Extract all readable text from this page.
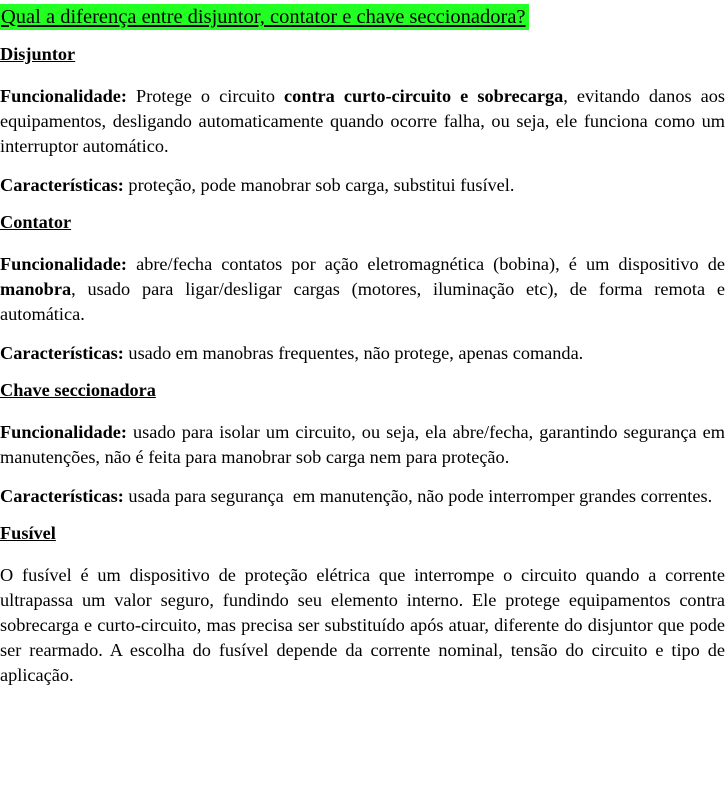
Qual a diferença entre disjuntor, contator e chave seccionadora?
Disjuntor

Funcionalidade: Protege o circuito contra curto-circuito e sobrecarga, evitando danos aos equipamentos, desligando automaticamente quando ocorre falha, ou seja, ele funciona como um interruptor automático.

Características: proteção, pode manobrar sob carga, substitui fusível.

Contator

Funcionalidade: abre/fecha contatos por ação eletromagnética (bobina), é um dispositivo de manobra, usado para ligar/desligar cargas (motores, iluminação etc), de forma remota e automática.

Características: usado em manobras frequentes, não protege, apenas comanda.

Chave seccionadora

Funcionalidade: usado para isolar um circuito, ou seja, ela abre/fecha, garantindo segurança em manutenções, não é feita para manobrar sob carga nem para proteção.

Características: usada para segurança  em manutenção, não pode interromper grandes correntes.

Fusível

O fusível é um dispositivo de proteção elétrica que interrompe o circuito quando a corrente ultrapassa um valor seguro, fundindo seu elemento interno. Ele protege equipamentos contra sobrecarga e curto-circuito, mas precisa ser substituído após atuar, diferente do disjuntor que pode ser rearmado. A escolha do fusível depende da corrente nominal, tensão do circuito e tipo de aplicação.
